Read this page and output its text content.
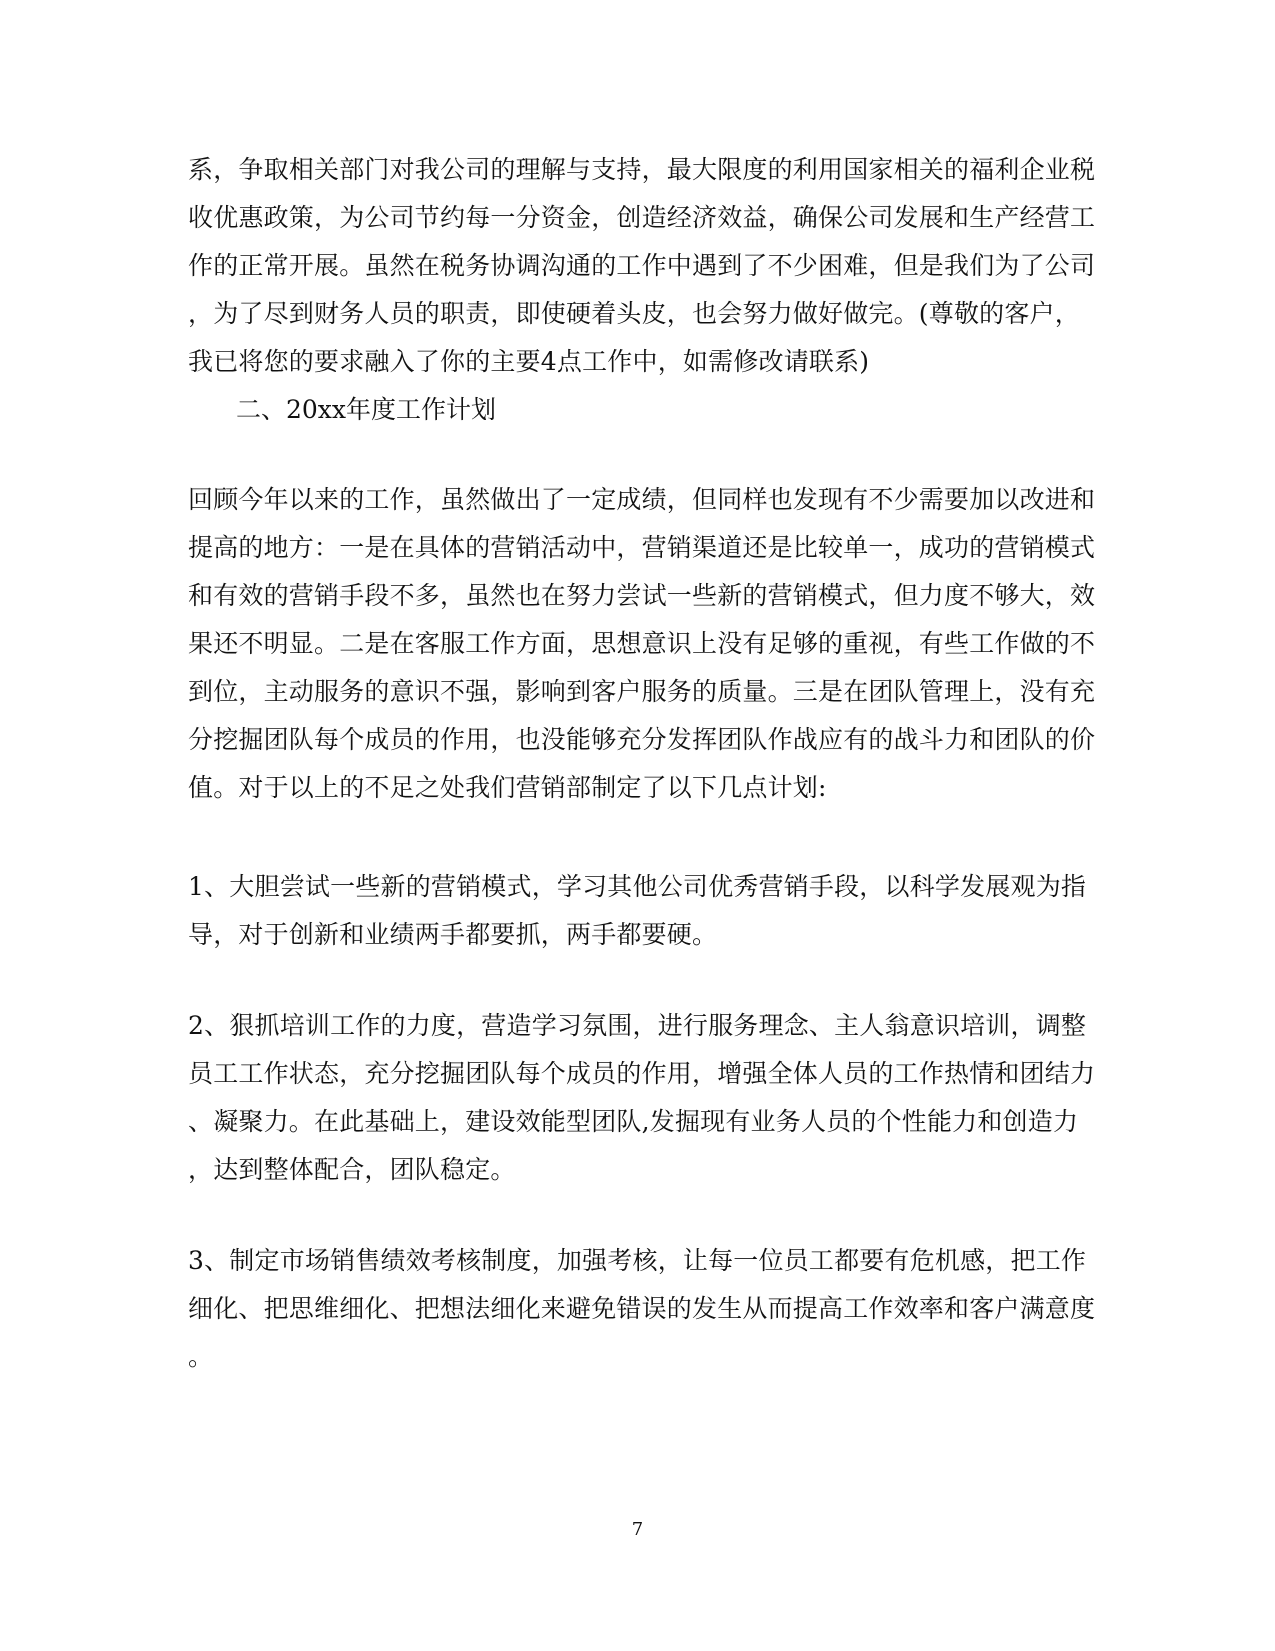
系，争取相关部门对我公司的理解与支持，最大限度的利用国家相关的福利企业税
收优惠政策，为公司节约每一分资金，创造经济效益，确保公司发展和生产经营工
作的正常开展。虽然在税务协调沟通的工作中遇到了不少困难，但是我们为了公司
，为了尽到财务人员的职责，即使硬着头皮，也会努力做好做完。(尊敬的客户，
我已将您的要求融入了你的主要4点工作中，如需修改请联系)
二、20xx年度工作计划
回顾今年以来的工作，虽然做出了一定成绩，但同样也发现有不少需要加以改进和
提高的地方：一是在具体的营销活动中，营销渠道还是比较单一，成功的营销模式
和有效的营销手段不多，虽然也在努力尝试一些新的营销模式，但力度不够大，效
果还不明显。二是在客服工作方面，思想意识上没有足够的重视，有些工作做的不
到位，主动服务的意识不强，影响到客户服务的质量。三是在团队管理上，没有充
分挖掘团队每个成员的作用，也没能够充分发挥团队作战应有的战斗力和团队的价
值。对于以上的不足之处我们营销部制定了以下几点计划:
1、大胆尝试一些新的营销模式，学习其他公司优秀营销手段，以科学发展观为指
导，对于创新和业绩两手都要抓，两手都要硬。
2、狠抓培训工作的力度，营造学习氛围，进行服务理念、主人翁意识培训，调整
员工工作状态，充分挖掘团队每个成员的作用，增强全体人员的工作热情和团结力
、凝聚力。在此基础上，建设效能型团队,发掘现有业务人员的个性能力和创造力
，达到整体配合，团队稳定。
3、制定市场销售绩效考核制度，加强考核，让每一位员工都要有危机感，把工作
细化、把思维细化、把想法细化来避免错误的发生从而提高工作效率和客户满意度
。
7
